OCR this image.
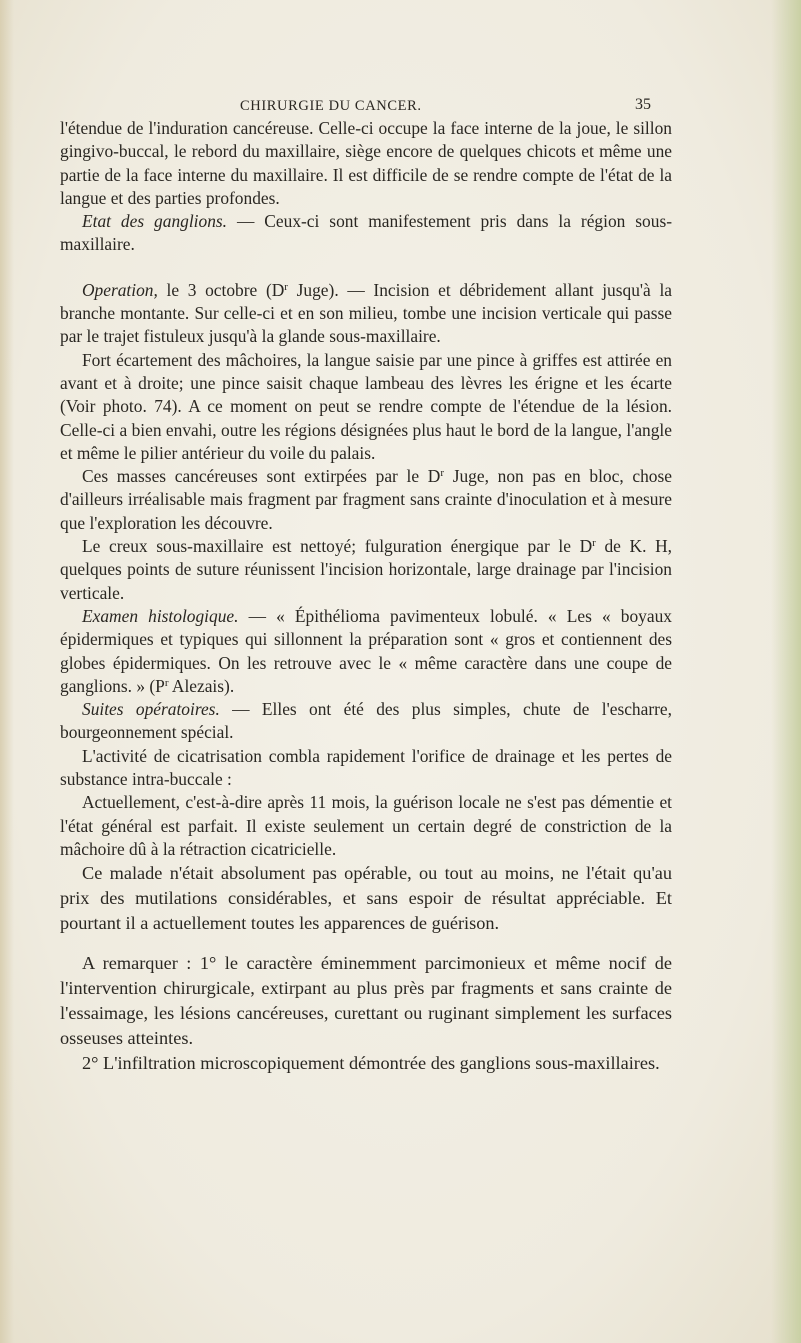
CHIRURGIE DU CANCER.	35

l'étendue de l'induration cancéreuse. Celle-ci occupe la face interne de la joue, le sillon gingivo-buccal, le rebord du maxillaire, siège encore de quelques chicots et même une partie de la face interne du maxillaire. Il est difficile de se rendre compte de l'état de la langue et des parties profondes.

Etat des ganglions. — Ceux-ci sont manifestement pris dans la région sous-maxillaire.

Operation, le 3 octobre ($D^r$ Juge). — Incision et débridement allant jusqu'à la branche montante. Sur celle-ci et en son milieu, tombe une incision verticale qui passe par le trajet fistuleux jusqu'à la glande sous-maxillaire.

Fort écartement des mâchoires, la langue saisie par une pince à griffes est attirée en avant et à droite; une pince saisit chaque lambeau des lèvres les érigne et les écarte (Voir photo. 74). A ce moment on peut se rendre compte de l'étendue de la lésion. Celle-ci a bien envahi, outre les régions désignées plus haut le bord de la langue, l'angle et même le pilier antérieur du voile du palais.

Ces masses cancéreuses sont extirpées par le $D^r$ Juge, non pas en bloc, chose d'ailleurs irréalisable mais fragment par fragment sans crainte d'inoculation et à mesure que l'exploration les découvre.

Le creux sous-maxillaire est nettoyé; fulguration énergique par le $D^r$ de K. H, quelques points de suture réunissent l'incision horizontale, large drainage par l'incision verticale.

Examen histologique. — « Épithélioma pavimenteux lobulé. « Les « boyaux épidermiques et typiques qui sillonnent la préparation sont « gros et contiennent des globes épidermiques. On les retrouve avec le « même caractère dans une coupe de ganglions. » ($P^r$ Alezais).

Suites opératoires. — Elles ont été des plus simples, chute de l'escharre, bourgeonnement spécial.

L'activité de cicatrisation combla rapidement l'orifice de drainage et les pertes de substance intra-buccale :

Actuellement, c'est-à-dire après 11 mois, la guérison locale ne s'est pas démentie et l'état général est parfait. Il existe seulement un certain degré de constriction de la mâchoire dû à la rétraction cicatricielle.

Ce malade n'était absolument pas opérable, ou tout au moins, ne l'était qu'au prix des mutilations considérables, et sans espoir de résultat appréciable. Et pourtant il a actuellement toutes les apparences de guérison.

A remarquer : 1° le caractère éminemment parcimonieux et même nocif de l'intervention chirurgicale, extirpant au plus près par fragments et sans crainte de l'essaimage, les lésions cancéreuses, curettant ou ruginant simplement les surfaces osseuses atteintes.

2° L'infiltration microscopiquement démontrée des ganglions sous-maxillaires.
